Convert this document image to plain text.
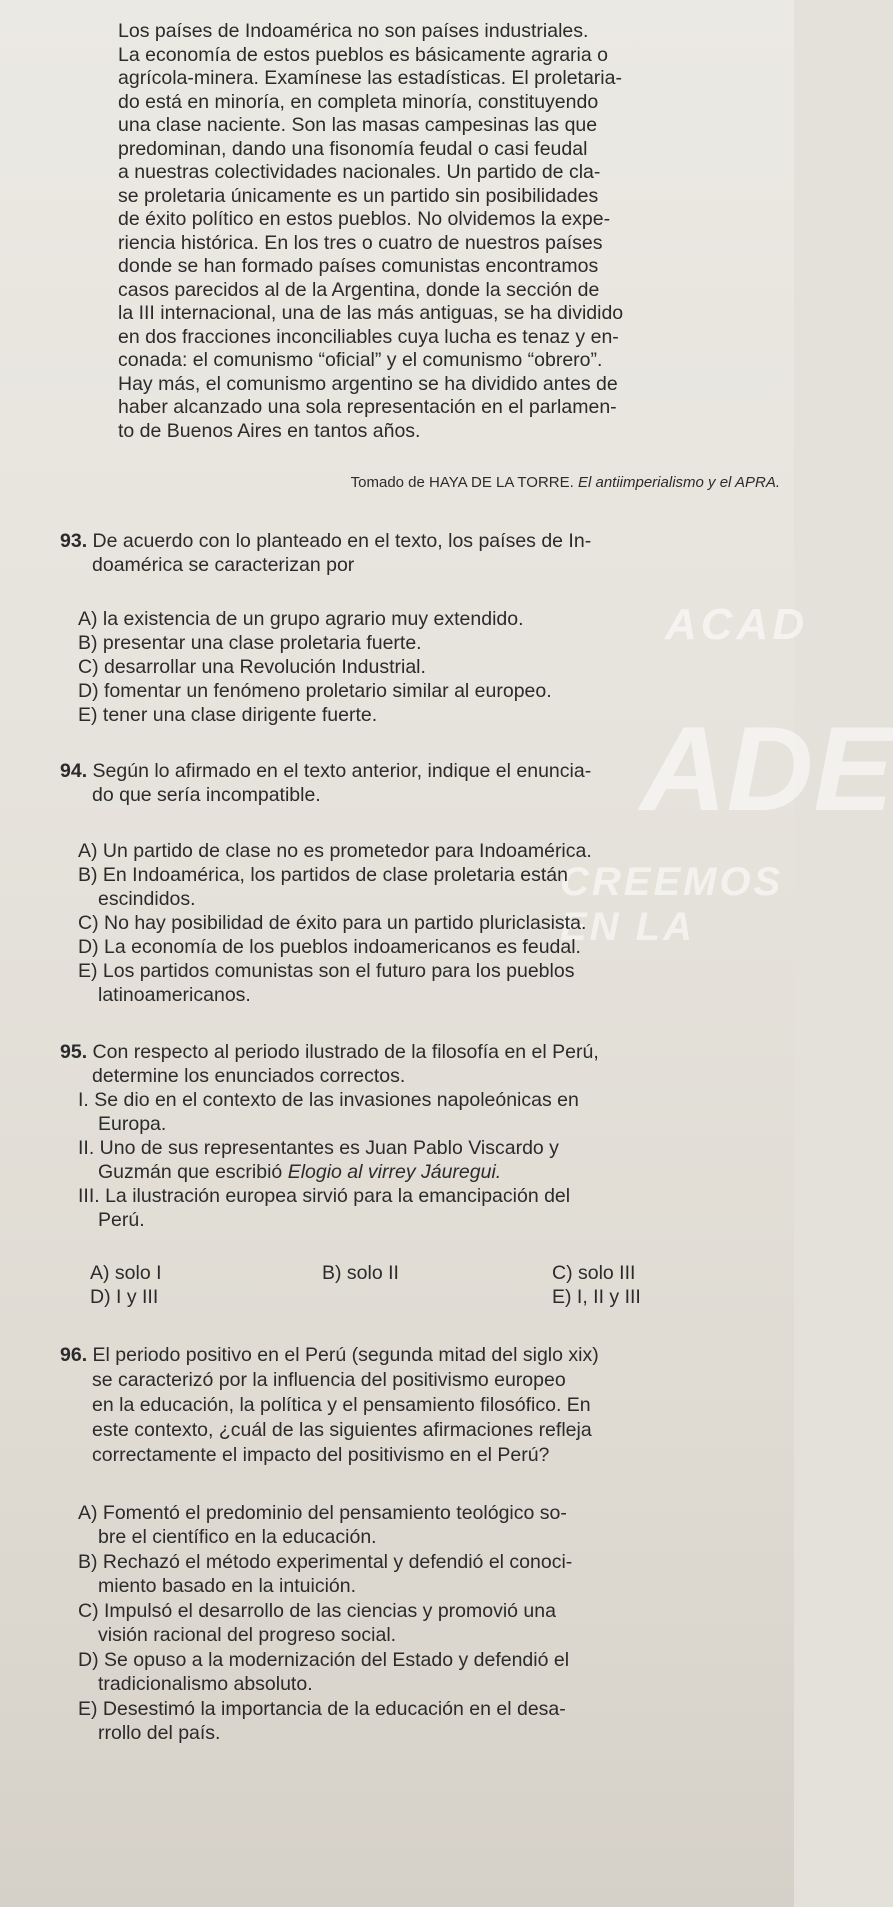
ACAD
ADE
CREEMOS EN LA

Los países de Indoamérica no son países industriales.

La economía de estos pueblos es básicamente agraria o

agrícola-minera. Examínese las estadísticas. El proletaria-

do está en minoría, en completa minoría, constituyendo

una clase naciente. Son las masas campesinas las que

predominan, dando una fisonomía feudal o casi feudal

a nuestras colectividades nacionales. Un partido de cla-

se proletaria únicamente es un partido sin posibilidades

de éxito político en estos pueblos. No olvidemos la expe-

riencia histórica. En los tres o cuatro de nuestros países

donde se han formado países comunistas encontramos

casos parecidos al de la Argentina, donde la sección de

la III internacional, una de las más antiguas, se ha dividido

en dos fracciones inconciliables cuya lucha es tenaz y en-

conada: el comunismo “oficial” y el comunismo “obrero”.

Hay más, el comunismo argentino se ha dividido antes de

haber alcanzado una sola representación en el parlamen-

to de Buenos Aires en tantos años.

Tomado de HAYA DE LA TORRE. El antiimperialismo y el APRA.
93. De acuerdo con lo planteado en el texto, los países de In-
doamérica se caracterizan por
A) la existencia de un grupo agrario muy extendido.
B) presentar una clase proletaria fuerte.
C) desarrollar una Revolución Industrial.
D) fomentar un fenómeno proletario similar al europeo.
E) tener una clase dirigente fuerte.
94. Según lo afirmado en el texto anterior, indique el enuncia-
do que sería incompatible.
A) Un partido de clase no es prometedor para Indoamérica.
B) En Indoamérica, los partidos de clase proletaria están
escindidos.
C) No hay posibilidad de éxito para un partido pluriclasista.
D) La economía de los pueblos indoamericanos es feudal.
E) Los partidos comunistas son el futuro para los pueblos
latinoamericanos.
95. Con respecto al periodo ilustrado de la filosofía en el Perú,
determine los enunciados correctos.
I. Se dio en el contexto de las invasiones napoleónicas en
Europa.
II. Uno de sus representantes es Juan Pablo Viscardo y
Guzmán que escribió Elogio al virrey Jáuregui.
III. La ilustración europea sirvió para la emancipación del
Perú.
A) solo I	B) solo II	C) solo III
D) I y III	E) I, II y III
96. El periodo positivo en el Perú (segunda mitad del siglo xix)
se caracterizó por la influencia del positivismo europeo
en la educación, la política y el pensamiento filosófico. En
este contexto, ¿cuál de las siguientes afirmaciones refleja
correctamente el impacto del positivismo en el Perú?
A) Fomentó el predominio del pensamiento teológico so-
bre el científico en la educación.
B) Rechazó el método experimental y defendió el conoci-
miento basado en la intuición.
C) Impulsó el desarrollo de las ciencias y promovió una
visión racional del progreso social.
D) Se opuso a la modernización del Estado y defendió el
tradicionalismo absoluto.
E) Desestimó la importancia de la educación en el desa-
rrollo del país.
